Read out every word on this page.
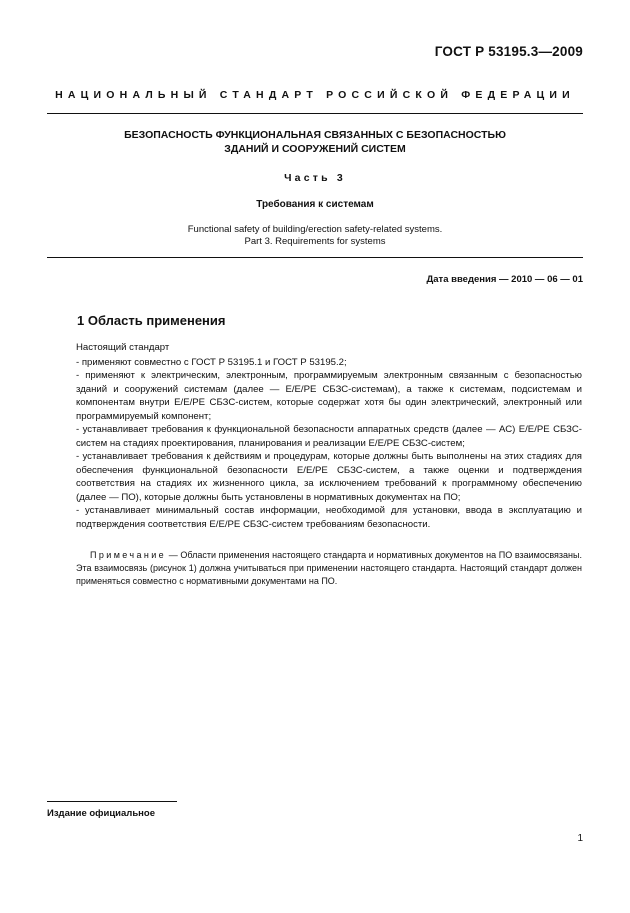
ГОСТ Р 53195.3—2009
НАЦИОНАЛЬНЫЙ СТАНДАРТ РОССИЙСКОЙ ФЕДЕРАЦИИ
БЕЗОПАСНОСТЬ ФУНКЦИОНАЛЬНАЯ СВЯЗАННЫХ С БЕЗОПАСНОСТЬЮ
ЗДАНИЙ И СООРУЖЕНИЙ СИСТЕМ
Часть 3
Требования к системам
Functional safety of building/erection safety-related systems.
Part 3. Requirements for systems
Дата введения — 2010 — 06 — 01
1 Область применения

Настоящий стандарт

- применяют совместно с ГОСТ Р 53195.1 и ГОСТ Р 53195.2;

- применяют к электрическим, электронным, программируемым электронным связанным с безопасностью зданий и сооружений системам (далее — Е/Е/РЕ СБЗС-системам), а также к системам, подсистемам и компонентам внутри Е/Е/РЕ СБЗС-систем, которые содержат хотя бы один электрический, электронный или программируемый компонент;

- устанавливает требования к функциональной безопасности аппаратных средств (далее — АС) Е/Е/РЕ СБЗС-систем на стадиях проектирования, планирования и реализации Е/Е/РЕ СБЗС-систем;

- устанавливает требования к действиям и процедурам, которые должны быть выполнены на этих стадиях для обеспечения функциональной безопасности Е/Е/РЕ СБЗС-систем, а также оценки и подтверждения соответствия на стадиях их жизненного цикла, за исключением требований к программному обеспечению (далее — ПО), которые должны быть установлены в нормативных документах на ПО;

- устанавливает минимальный состав информации, необходимой для установки, ввода в эксплуатацию и подтверждения соответствия Е/Е/РЕ СБЗС-систем требованиям безопасности.

Примечание — Области применения настоящего стандарта и нормативных документов на ПО взаимосвязаны. Эта взаимосвязь (рисунок 1) должна учитываться при применении настоящего стандарта. Настоящий стандарт должен применяться совместно с нормативными документами на ПО.
Издание официальное
1
